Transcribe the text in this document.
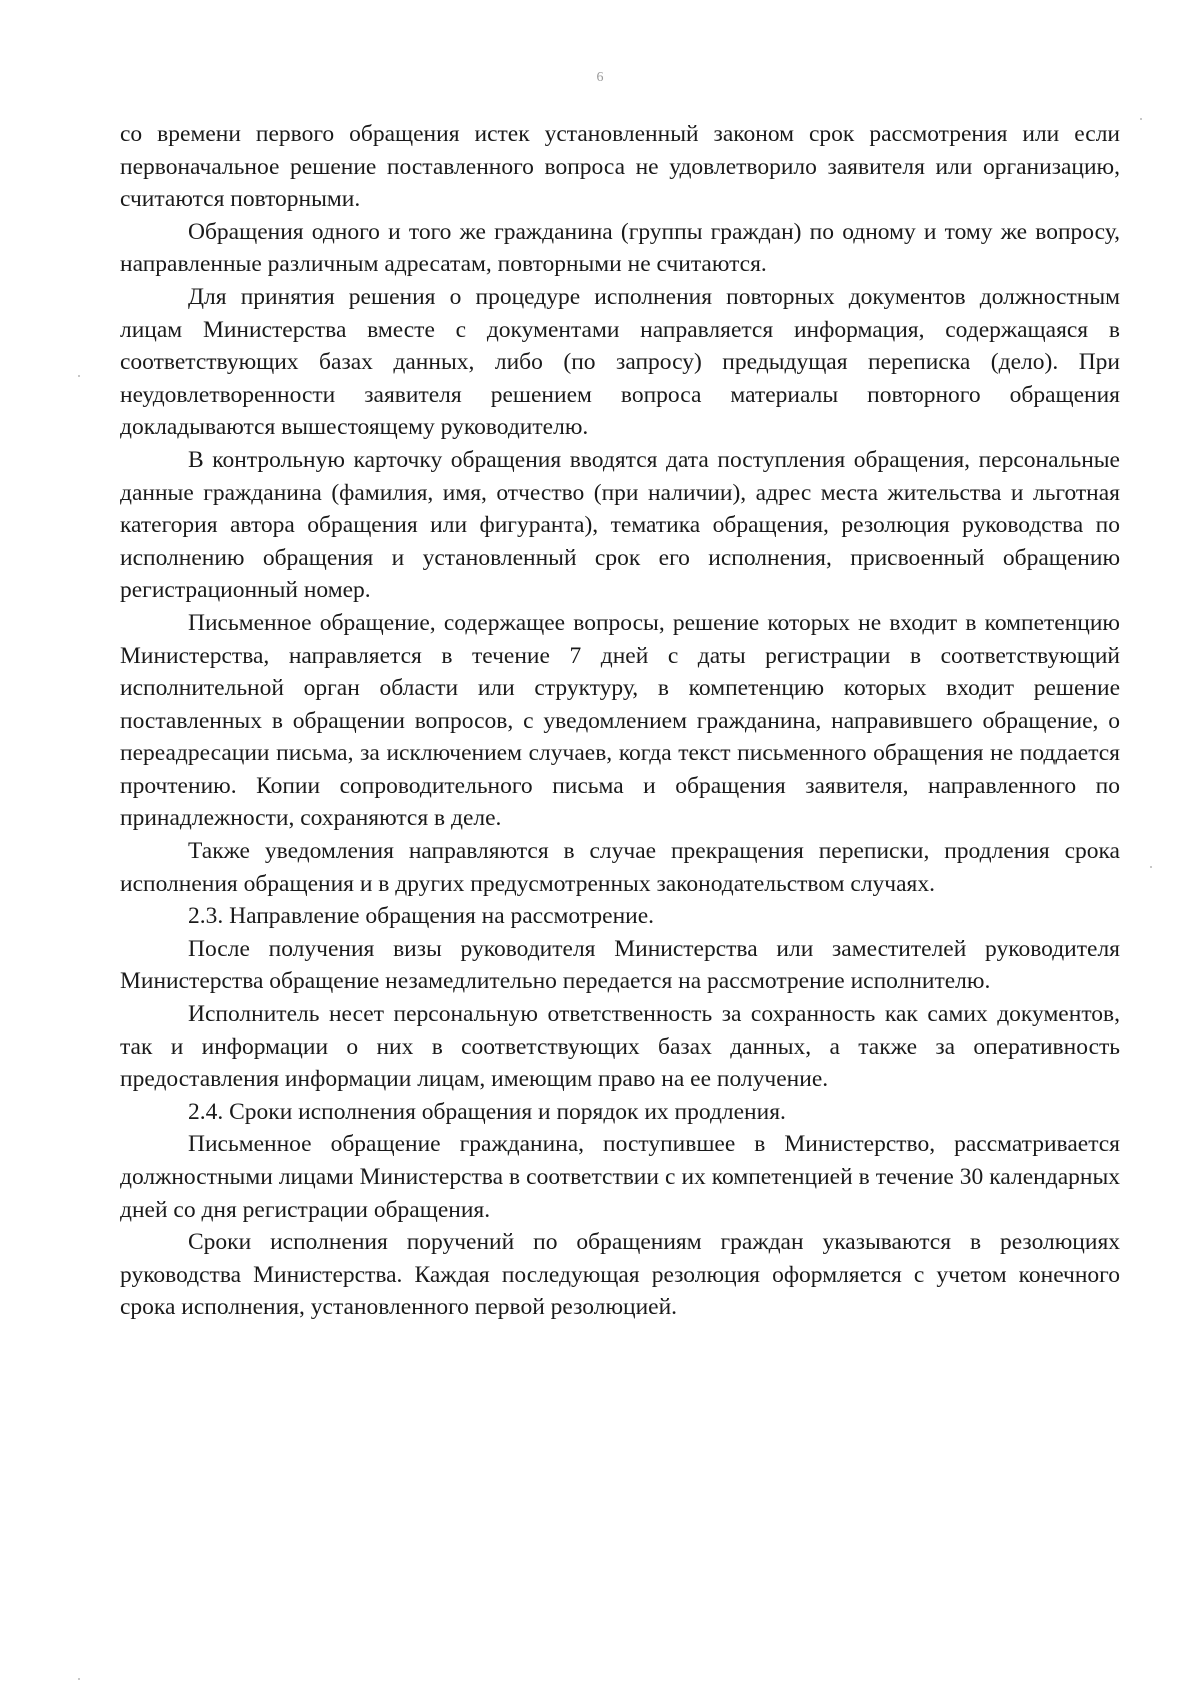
6

со времени первого обращения истек установленный законом срок рассмотрения или если первоначальное решение поставленного вопроса не удовлетворило заявителя или организацию, считаются повторными.

Обращения одного и того же гражданина (группы граждан) по одному и тому же вопросу, направленные различным адресатам, повторными не считаются.

Для принятия решения о процедуре исполнения повторных документов должностным лицам Министерства вместе с документами направляется информация, содержащаяся в соответствующих базах данных, либо (по запросу) предыдущая переписка (дело). При неудовлетворенности заявителя решением вопроса материалы повторного обращения докладываются вышестоящему руководителю.

В контрольную карточку обращения вводятся дата поступления обращения, персональные данные гражданина (фамилия, имя, отчество (при наличии), адрес места жительства и льготная категория автора обращения или фигуранта), тематика обращения, резолюция руководства по исполнению обращения и установленный срок его исполнения, присвоенный обращению регистрационный номер.

Письменное обращение, содержащее вопросы, решение которых не входит в компетенцию Министерства, направляется в течение 7 дней с даты регистрации в соответствующий исполнительной орган области или структуру, в компетенцию которых входит решение поставленных в обращении вопросов, с уведомлением гражданина, направившего обращение, о переадресации письма, за исключением случаев, когда текст письменного обращения не поддается прочтению. Копии сопроводительного письма и обращения заявителя, направленного по принадлежности, сохраняются в деле.

Также уведомления направляются в случае прекращения переписки, продления срока исполнения обращения и в других предусмотренных законодательством случаях.

2.3. Направление обращения на рассмотрение.

После получения визы руководителя Министерства или заместителей руководителя Министерства обращение незамедлительно передается на рассмотрение исполнителю.

Исполнитель несет персональную ответственность за сохранность как самих документов, так и информации о них в соответствующих базах данных, а также за оперативность предоставления информации лицам, имеющим право на ее получение.

2.4. Сроки исполнения обращения и порядок их продления.

Письменное обращение гражданина, поступившее в Министерство, рассматривается должностными лицами Министерства в соответствии с их компетенцией в течение 30 календарных дней со дня регистрации обращения.

Сроки исполнения поручений по обращениям граждан указываются в резолюциях руководства Министерства. Каждая последующая резолюция оформляется с учетом конечного срока исполнения, установленного первой резолюцией.
